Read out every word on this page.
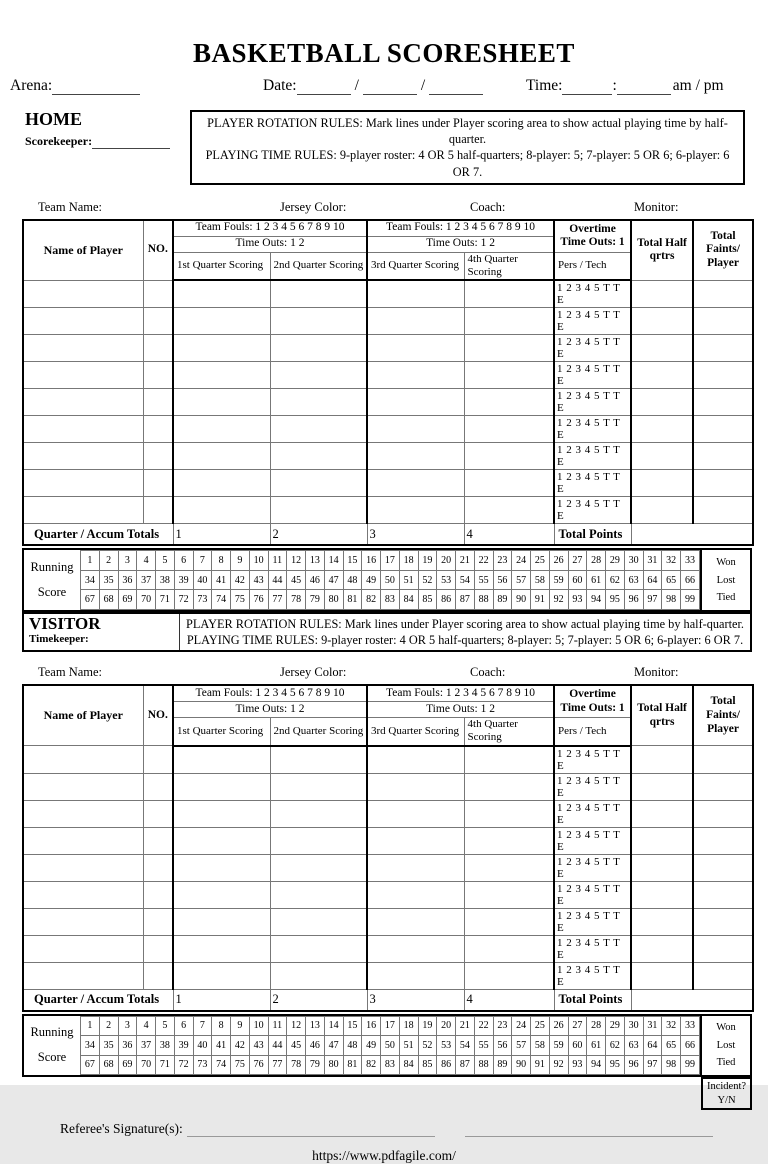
BASKETBALL SCORESHEET
Arena:	Date:	/	/	Time:	:	am / pm
HOME
Scorekeeper:
PLAYER ROTATION RULES: Mark lines under Player scoring area to show actual playing time by half-quarter.
PLAYING TIME RULES: 9-player roster: 4 OR 5 half-quarters; 8-player: 5; 7-player: 5 OR 6; 6-player: 6 OR 7.
Team Name:	Jersey Color:	Coach:	Monitor:
Name of Player	NO.	Team Fouls: 1 2 3 4 5 6 7 8 9 10	Team Fouls: 1 2 3 4 5 6 7 8 9 10	Overtime
Time Outs: 1	Total Half
qrtrs	Total
Faints/
Player
		Time Outs: 1 2		Time Outs: 1 2				
		1st Quarter Scoring	2nd Quarter Scoring	3rd Quarter Scoring	4th Quarter Scoring	Pers / Tech		
						1 2 3 4 5 T T E		
						1 2 3 4 5 T T E		
						1 2 3 4 5 T T E		
						1 2 3 4 5 T T E		
						1 2 3 4 5 T T E		
						1 2 3 4 5 T T E		
						1 2 3 4 5 T T E		
						1 2 3 4 5 T T E		
						1 2 3 4 5 T T E		
Quarter / Accum Totals		1	2	3	4	Total Points		
Running
Score
1	2	3	4	5	6	7	8	9	10	11	12	13	14	15	16	17	18	19	20	21	22	23	24	25	26	27	28	29	30	31	32	33
34	35	36	37	38	39	40	41	42	43	44	45	46	47	48	49	50	51	52	53	54	55	56	57	58	59	60	61	62	63	64	65	66
67	68	69	70	71	72	73	74	75	76	77	78	79	80	81	82	83	84	85	86	87	88	89	90	91	92	93	94	95	96	97	98	99
Won
Lost
Tied
VISITOR
Timekeeper:
PLAYER ROTATION RULES: Mark lines under Player scoring area to show actual playing time by half-quarter.
PLAYING TIME RULES: 9-player roster: 4 OR 5 half-quarters; 8-player: 5; 7-player: 5 OR 6; 6-player: 6 OR 7.
Team Name:	Jersey Color:	Coach:	Monitor:
Name of Player	NO.	Team Fouls: 1 2 3 4 5 6 7 8 9 10	Team Fouls: 1 2 3 4 5 6 7 8 9 10	Overtime
Time Outs: 1	Total Half
qrtrs	Total
Faints/
Player
		Time Outs: 1 2		Time Outs: 1 2				
		1st Quarter Scoring	2nd Quarter Scoring	3rd Quarter Scoring	4th Quarter Scoring	Pers / Tech		
						1 2 3 4 5 T T E		
						1 2 3 4 5 T T E		
						1 2 3 4 5 T T E		
						1 2 3 4 5 T T E		
						1 2 3 4 5 T T E		
						1 2 3 4 5 T T E		
						1 2 3 4 5 T T E		
						1 2 3 4 5 T T E		
						1 2 3 4 5 T T E		
Quarter / Accum Totals		1	2	3	4	Total Points		
Running
Score
1	2	3	4	5	6	7	8	9	10	11	12	13	14	15	16	17	18	19	20	21	22	23	24	25	26	27	28	29	30	31	32	33
34	35	36	37	38	39	40	41	42	43	44	45	46	47	48	49	50	51	52	53	54	55	56	57	58	59	60	61	62	63	64	65	66
67	68	69	70	71	72	73	74	75	76	77	78	79	80	81	82	83	84	85	86	87	88	89	90	91	92	93	94	95	96	97	98	99
Won
Lost
Tied
Incident?
Y/N
Referee's Signature(s):
https://www.pdfagile.com/
